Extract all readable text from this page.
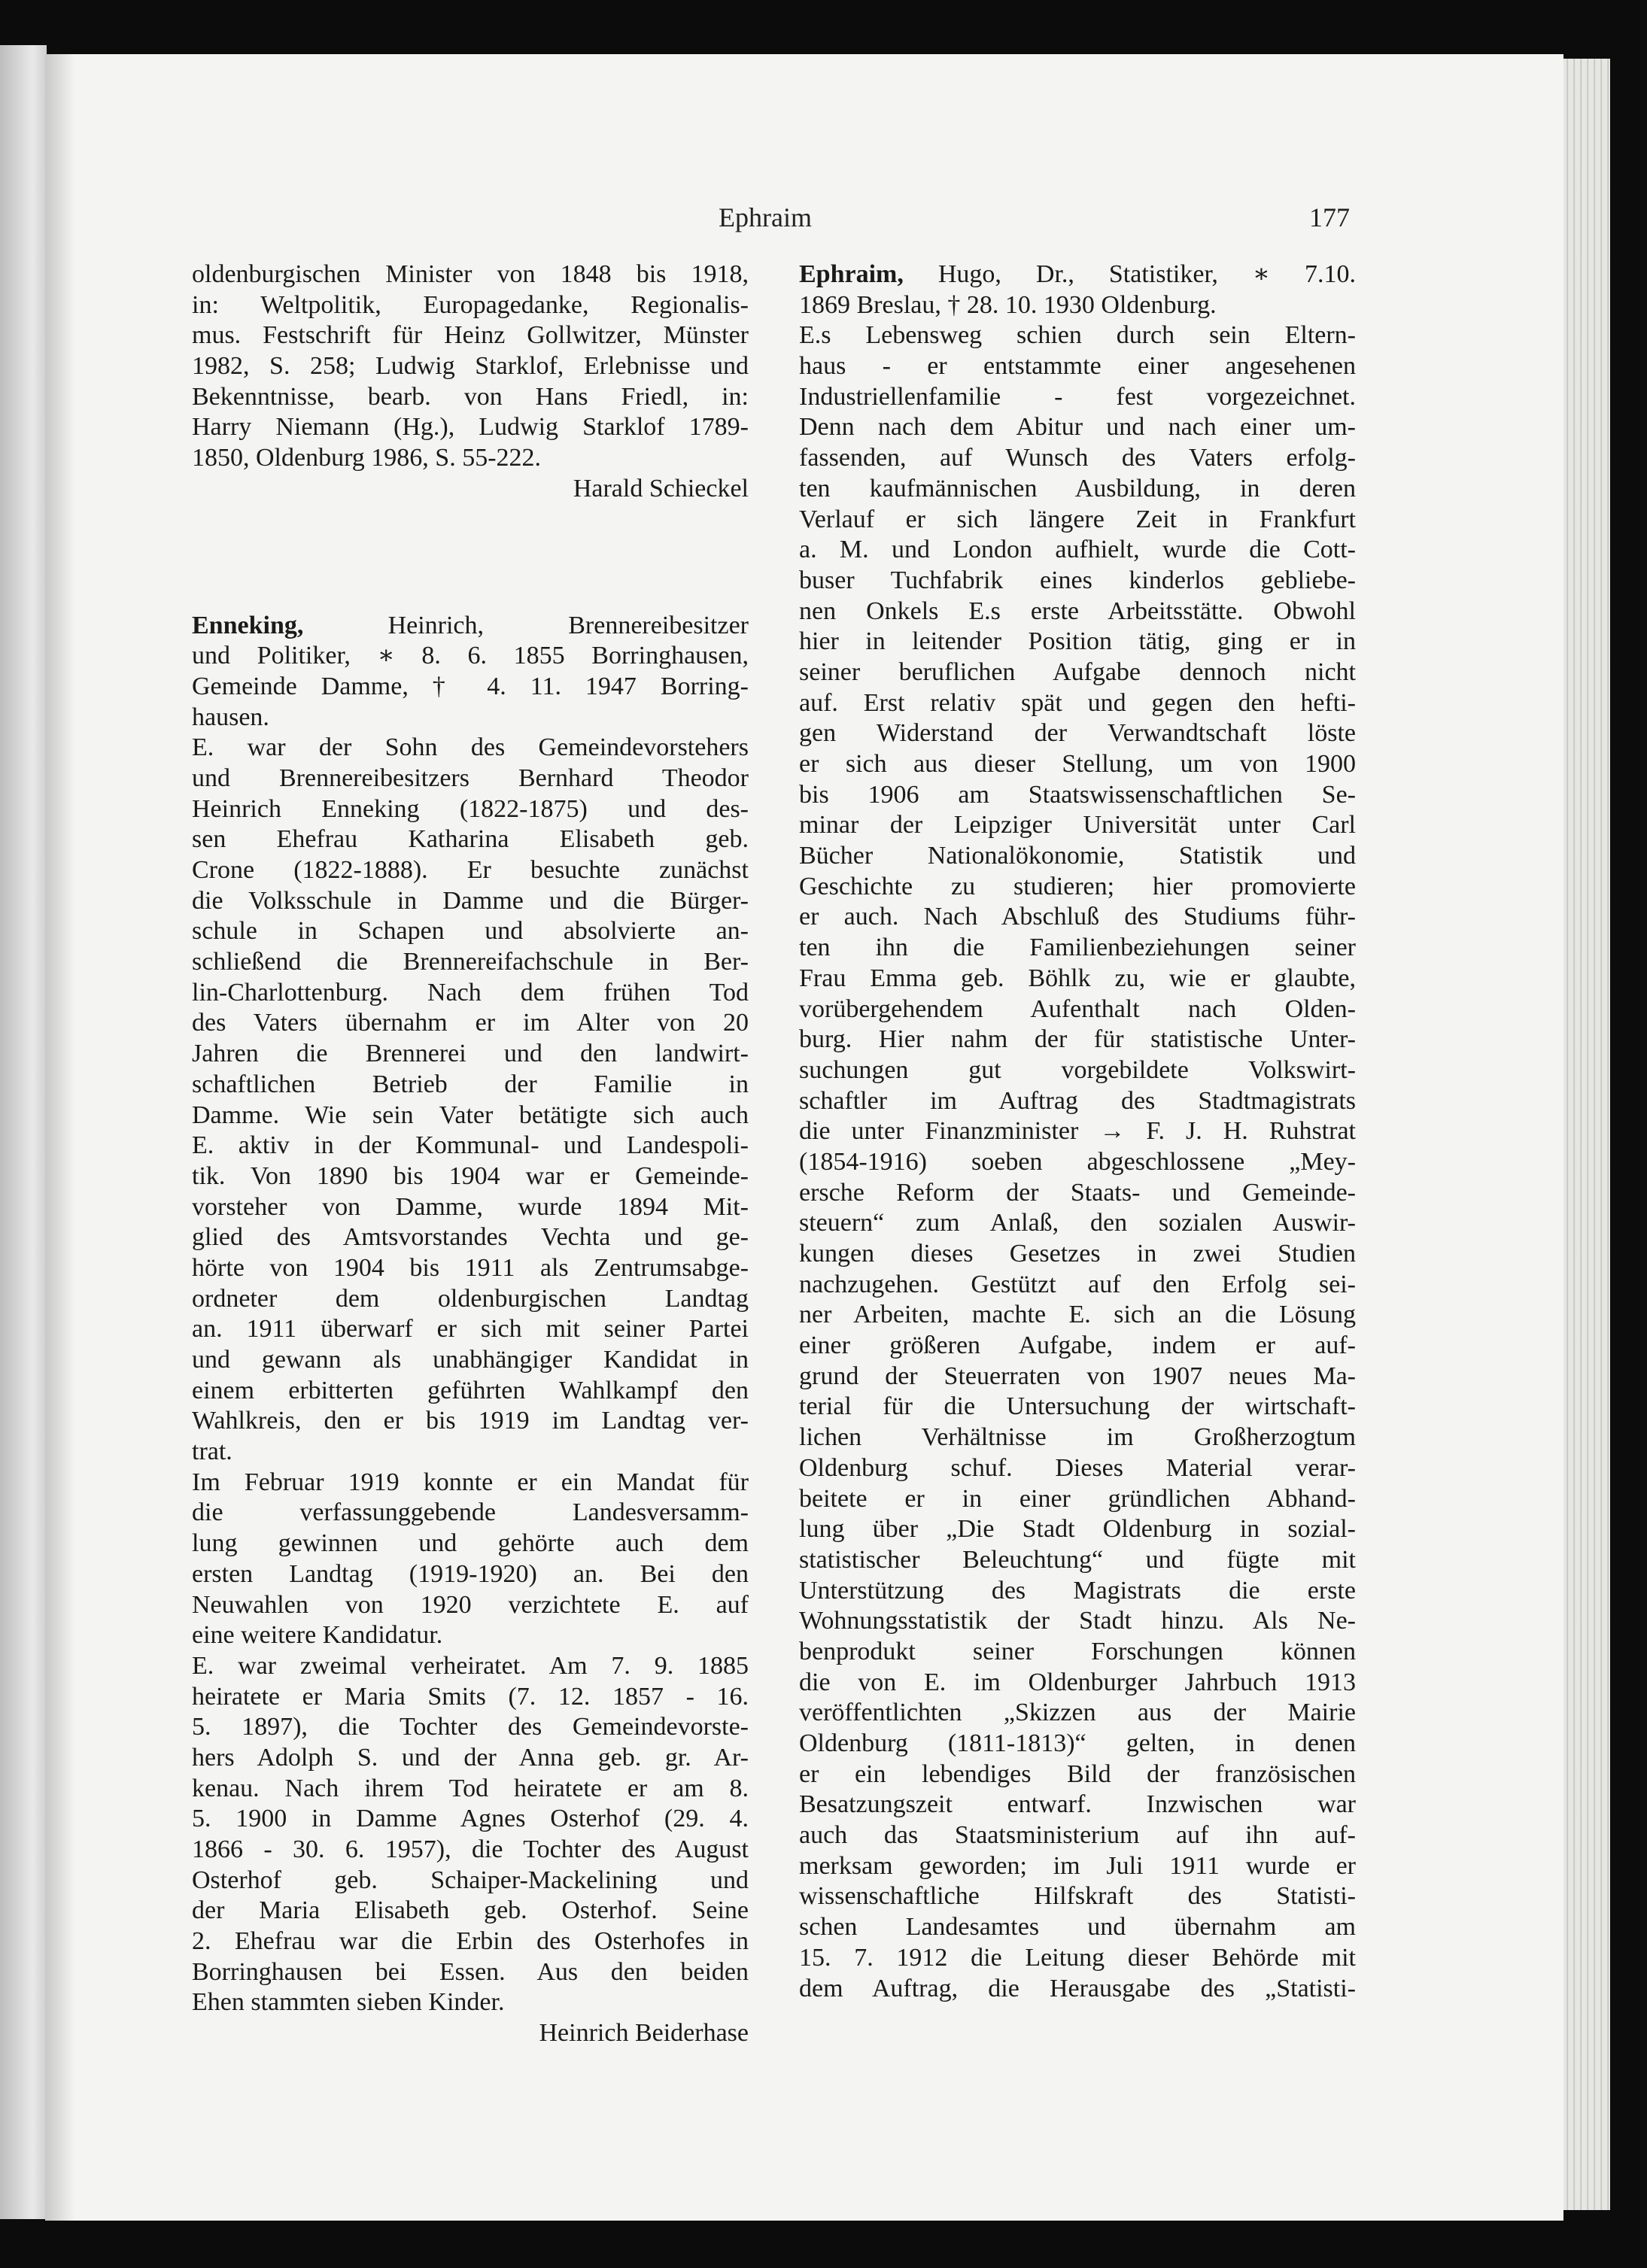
Ephraim	177
oldenburgischen Minister von 1848 bis 1918,
in: Weltpolitik, Europagedanke, Regionalis-
mus. Festschrift für Heinz Gollwitzer, Münster
1982, S. 258; Ludwig Starklof, Erlebnisse und
Bekenntnisse, bearb. von Hans Friedl, in:
Harry Niemann (Hg.), Ludwig Starklof 1789-
1850, Oldenburg 1986, S. 55-222.
Harald Schieckel
Enneking, Heinrich, Brennereibesitzer
und Politiker, ∗ 8. 6. 1855 Borringhausen,
Gemeinde Damme, † 4. 11. 1947 Borring-
hausen.
E. war der Sohn des Gemeindevorstehers
und Brennereibesitzers Bernhard Theodor
Heinrich Enneking (1822-1875) und des-
sen Ehefrau Katharina Elisabeth geb.
Crone (1822-1888). Er besuchte zunächst
die Volksschule in Damme und die Bürger-
schule in Schapen und absolvierte an-
schließend die Brennereifachschule in Ber-
lin-Charlottenburg. Nach dem frühen Tod
des Vaters übernahm er im Alter von 20
Jahren die Brennerei und den landwirt-
schaftlichen Betrieb der Familie in
Damme. Wie sein Vater betätigte sich auch
E. aktiv in der Kommunal- und Landespoli-
tik. Von 1890 bis 1904 war er Gemeinde-
vorsteher von Damme, wurde 1894 Mit-
glied des Amtsvorstandes Vechta und ge-
hörte von 1904 bis 1911 als Zentrumsabge-
ordneter dem oldenburgischen Landtag
an. 1911 überwarf er sich mit seiner Partei
und gewann als unabhängiger Kandidat in
einem erbitterten geführten Wahlkampf den
Wahlkreis, den er bis 1919 im Landtag ver-
trat.
Im Februar 1919 konnte er ein Mandat für
die verfassunggebende Landesversamm-
lung gewinnen und gehörte auch dem
ersten Landtag (1919-1920) an. Bei den
Neuwahlen von 1920 verzichtete E. auf
eine weitere Kandidatur.
E. war zweimal verheiratet. Am 7. 9. 1885
heiratete er Maria Smits (7. 12. 1857 - 16.
5. 1897), die Tochter des Gemeindevorste-
hers Adolph S. und der Anna geb. gr. Ar-
kenau. Nach ihrem Tod heiratete er am 8.
5. 1900 in Damme Agnes Osterhof (29. 4.
1866 - 30. 6. 1957), die Tochter des August
Osterhof geb. Schaiper-Mackelining und
der Maria Elisabeth geb. Osterhof. Seine
2. Ehefrau war die Erbin des Osterhofes in
Borringhausen bei Essen. Aus den beiden
Ehen stammten sieben Kinder.
Heinrich Beiderhase
Ephraim, Hugo, Dr., Statistiker, ∗ 7.10.
1869 Breslau, † 28. 10. 1930 Oldenburg.
E.s Lebensweg schien durch sein Eltern-
haus - er entstammte einer angesehenen
Industriellenfamilie - fest vorgezeichnet.
Denn nach dem Abitur und nach einer um-
fassenden, auf Wunsch des Vaters erfolg-
ten kaufmännischen Ausbildung, in deren
Verlauf er sich längere Zeit in Frankfurt
a. M. und London aufhielt, wurde die Cott-
buser Tuchfabrik eines kinderlos gebliebe-
nen Onkels E.s erste Arbeitsstätte. Obwohl
hier in leitender Position tätig, ging er in
seiner beruflichen Aufgabe dennoch nicht
auf. Erst relativ spät und gegen den hefti-
gen Widerstand der Verwandtschaft löste
er sich aus dieser Stellung, um von 1900
bis 1906 am Staatswissenschaftlichen Se-
minar der Leipziger Universität unter Carl
Bücher Nationalökonomie, Statistik und
Geschichte zu studieren; hier promovierte
er auch. Nach Abschluß des Studiums führ-
ten ihn die Familienbeziehungen seiner
Frau Emma geb. Böhlk zu, wie er glaubte,
vorübergehendem Aufenthalt nach Olden-
burg. Hier nahm der für statistische Unter-
suchungen gut vorgebildete Volkswirt-
schaftler im Auftrag des Stadtmagistrats
die unter Finanzminister → F. J. H. Ruhstrat
(1854-1916) soeben abgeschlossene „Mey-
ersche Reform der Staats- und Gemeinde-
steuern“ zum Anlaß, den sozialen Auswir-
kungen dieses Gesetzes in zwei Studien
nachzugehen. Gestützt auf den Erfolg sei-
ner Arbeiten, machte E. sich an die Lösung
einer größeren Aufgabe, indem er auf-
grund der Steuerraten von 1907 neues Ma-
terial für die Untersuchung der wirtschaft-
lichen Verhältnisse im Großherzogtum
Oldenburg schuf. Dieses Material verar-
beitete er in einer gründlichen Abhand-
lung über „Die Stadt Oldenburg in sozial-
statistischer Beleuchtung“ und fügte mit
Unterstützung des Magistrats die erste
Wohnungsstatistik der Stadt hinzu. Als Ne-
benprodukt seiner Forschungen können
die von E. im Oldenburger Jahrbuch 1913
veröffentlichten „Skizzen aus der Mairie
Oldenburg (1811-1813)“ gelten, in denen
er ein lebendiges Bild der französischen
Besatzungszeit entwarf. Inzwischen war
auch das Staatsministerium auf ihn auf-
merksam geworden; im Juli 1911 wurde er
wissenschaftliche Hilfskraft des Statisti-
schen Landesamtes und übernahm am
15. 7. 1912 die Leitung dieser Behörde mit
dem Auftrag, die Herausgabe des „Statisti-
